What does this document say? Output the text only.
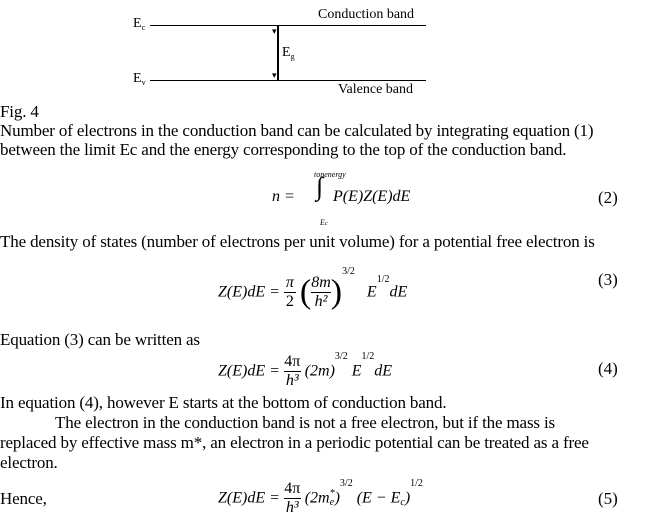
$E_c$
Conduction band
▾
▾
$E_g$
$E_v$	Valence band
Fig. 4
Number of electrons in the conduction band can be calculated by integrating equation (1)
between the limit Ec and the energy corresponding to the top of the conduction band.
n =
topenergy
∫
Ec
P(E)Z(E)dE	(2)
The density of states (number of electrons per unit volume) for a potential free electron is
$Z(E)dE = \frac{\pi}{2}$ ( $\frac{8m}{\text{h²}} )^{3/2}$   $E^{1/2}dE$
(3)
Equation (3) can be written as
$Z(E)dE = \frac{4\pi}{\text{h³}} (2m)^{3/2}$ $E^{1/2}dE$	(4)
In equation (4), however E starts at the bottom of conduction band.
The electron in the conduction band is not a free electron, but if the mass is
replaced by effective mass m*, an electron in a periodic potential can be treated as a free
electron.
Hence,	$Z(E)dE = \frac{4\pi}{\text{h³}} (2m$ *
e )$^{3/2}$ $(E - E_c)^{1/2}$
(5)
